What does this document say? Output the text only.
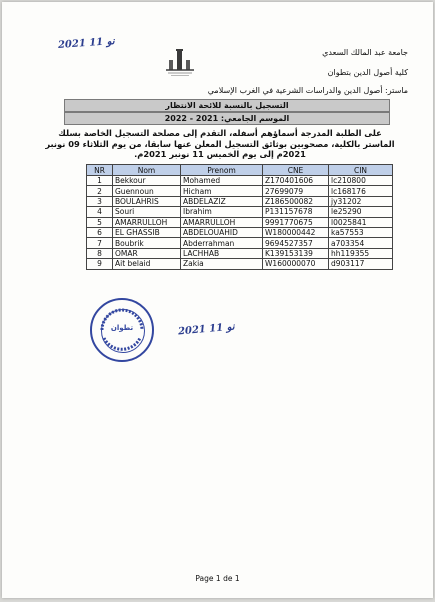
2021 نو 11
جامعة عبد المالك السعدي
كلية أصول الدين بتطوان
ماستر: أصول الدين والدراسات الشرعية في الغرب الإسلامي
التسجيل بالنسبة للائحة الانتظار
الموسم الجامعي: 2021 - 2022
على الطلبة المدرجة أسماؤهم أسفله، التقدم إلى مصلحة التسجيل الخاصة بسلك الماستر بالكلية، مصحوبين بوثائق التسجيل المعلن عنها سابقا، من يوم الثلاثاء 09 نونبر 2021م إلى يوم الخميس 11 نونبر 2021م.
NR	Nom	Prenom	CNE	CIN
1	Bekkour	Mohamed	Z170401606	lc210800
2	Guennoun	Hicham	27699079	lc168176
3	BOULAHRIS	ABDELAZIZ	Z186500082	jy31202
4	Souri	Ibrahim	P131157678	le25290
5	AMARRULLOH	AMARRULLOH	9991770675	l0025841
6	EL GHASSIB	ABDELOUAHID	W180000442	ka57553
7	Boubrik	Abderrahman	9694527357	a703354
8	OMAR	LACHHAB	K139153139	hh119355
9	Ait belaid	Zakia	W160000070	d903117
تطوان	2021 نو 11
Page 1 de 1
